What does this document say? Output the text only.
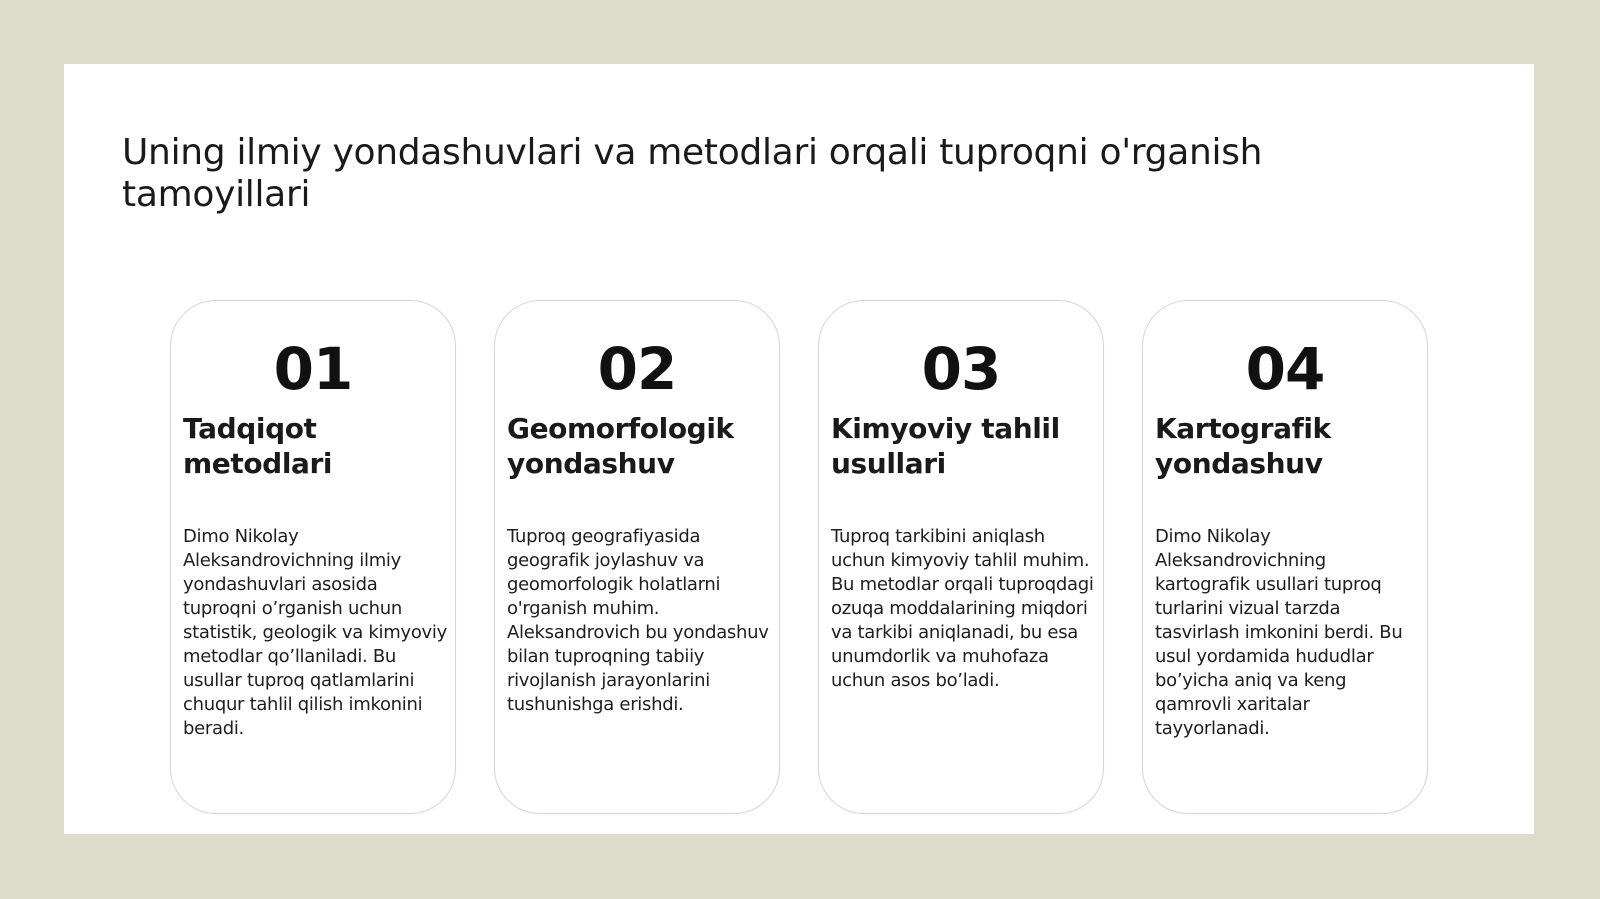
Uning ilmiy yondashuvlari va metodlari orqali tuproqni o'rganish tamoyillari
01
Tadqiqot metodlari

Dimo Nikolay Aleksandrovichning ilmiy yondashuvlari asosida tuproqni o’rganish uchun statistik, geologik va kimyoviy metodlar qo’llaniladi. Bu usullar tuproq qatlamlarini chuqur tahlil qilish imkonini beradi.

02
Geomorfologik yondashuv

Tuproq geografiyasida geografik joylashuv va geomorfologik holatlarni o'rganish muhim. Aleksandrovich bu yondashuv bilan tuproqning tabiiy rivojlanish jarayonlarini tushunishga erishdi.

03
Kimyoviy tahlil usullari

Tuproq tarkibini aniqlash uchun kimyoviy tahlil muhim. Bu metodlar orqali tuproqdagi ozuqa moddalarining miqdori va tarkibi aniqlanadi, bu esa unumdorlik va muhofaza uchun asos bo’ladi.

04
Kartografik yondashuv

Dimo Nikolay Aleksandrovichning kartografik usullari tuproq turlarini vizual tarzda tasvirlash imkonini berdi. Bu usul yordamida hududlar bo’yicha aniq va keng qamrovli xaritalar tayyorlanadi.
